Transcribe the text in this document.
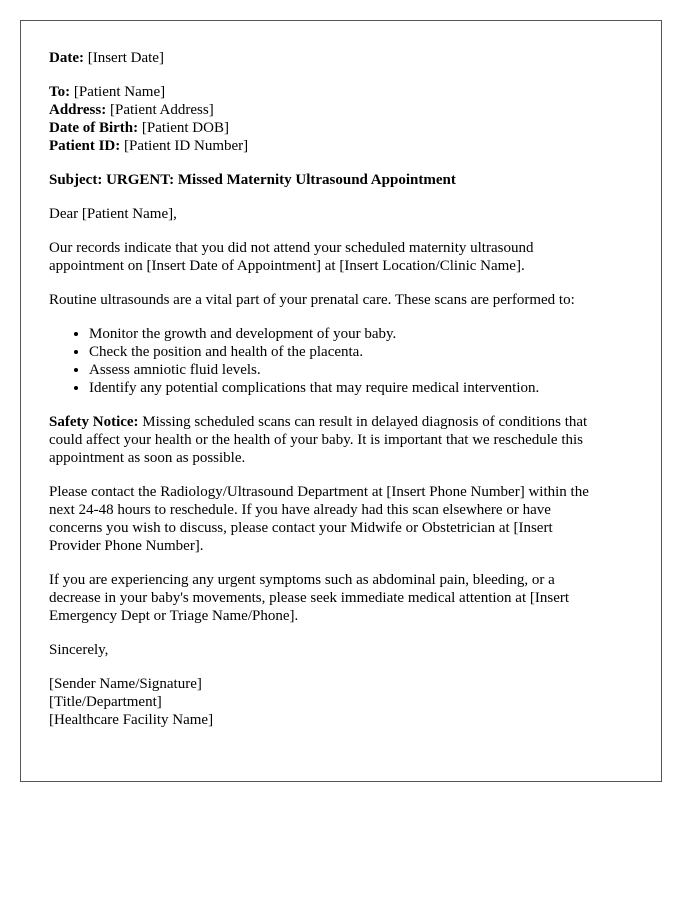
Date: [Insert Date]

To: [Patient Name]
Address: [Patient Address]
Date of Birth: [Patient DOB]
Patient ID: [Patient ID Number]

Subject: URGENT: Missed Maternity Ultrasound Appointment

Dear [Patient Name],

Our records indicate that you did not attend your scheduled maternity ultrasound
appointment on [Insert Date of Appointment] at [Insert Location/Clinic Name].

Routine ultrasounds are a vital part of your prenatal care. These scans are performed to:

• Monitor the growth and development of your baby.
• Check the position and health of the placenta.
• Assess amniotic fluid levels.
• Identify any potential complications that may require medical intervention.

Safety Notice: Missing scheduled scans can result in delayed diagnosis of conditions that
could affect your health or the health of your baby. It is important that we reschedule this
appointment as soon as possible.

Please contact the Radiology/Ultrasound Department at [Insert Phone Number] within the
next 24-48 hours to reschedule. If you have already had this scan elsewhere or have
concerns you wish to discuss, please contact your Midwife or Obstetrician at [Insert
Provider Phone Number].

If you are experiencing any urgent symptoms such as abdominal pain, bleeding, or a
decrease in your baby's movements, please seek immediate medical attention at [Insert
Emergency Dept or Triage Name/Phone].

Sincerely,

[Sender Name/Signature]
[Title/Department]
[Healthcare Facility Name]
